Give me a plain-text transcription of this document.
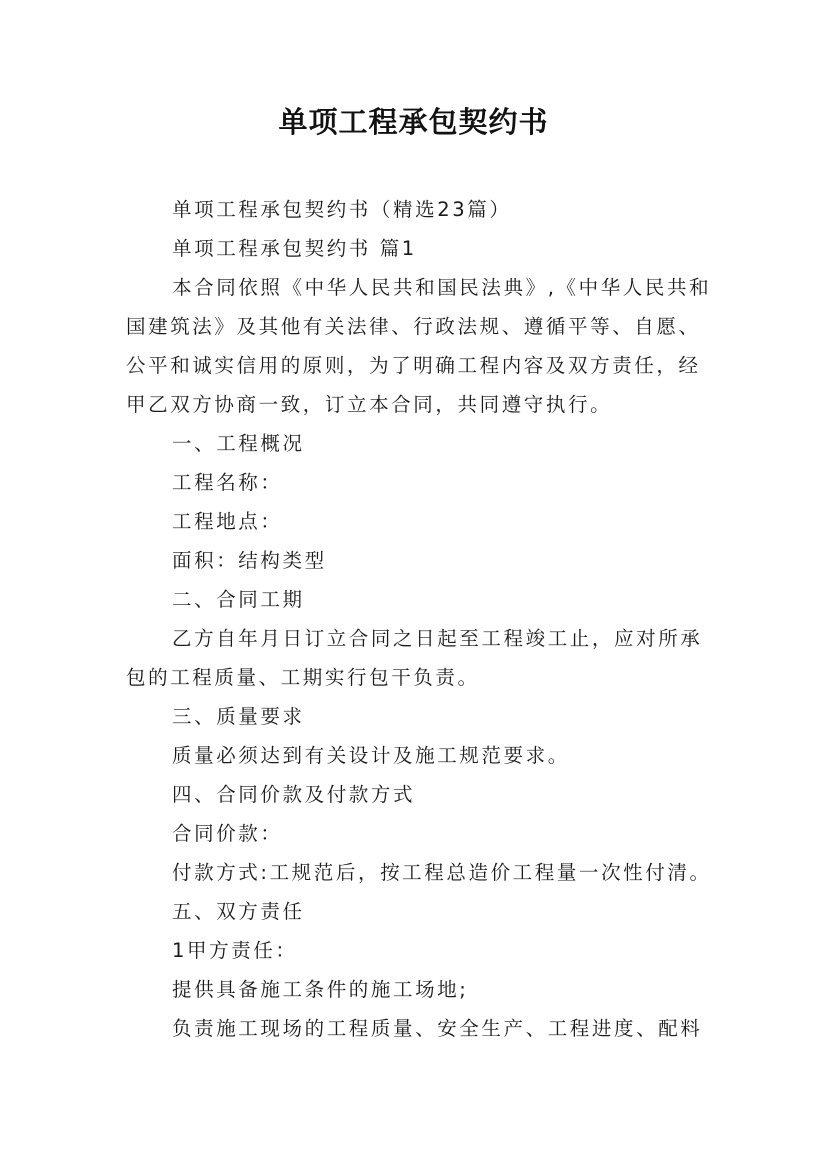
单项工程承包契约书
单项工程承包契约书（精选23篇）
单项工程承包契约书 篇1
本合同依照《中华人民共和国民法典》,《中华人民共和
国建筑法》及其他有关法律、行政法规、遵循平等、自愿、
公平和诚实信用的原则，为了明确工程内容及双方责任，经
甲乙双方协商一致，订立本合同，共同遵守执行。
一、工程概况
工程名称：
工程地点：
面积：结构类型
二、合同工期
乙方自年月日订立合同之日起至工程竣工止，应对所承
包的工程质量、工期实行包干负责。
三、质量要求
质量必须达到有关设计及施工规范要求。
四、合同价款及付款方式
合同价款：
付款方式:工规范后，按工程总造价工程量一次性付清。
五、双方责任
1甲方责任：
提供具备施工条件的施工场地;
负责施工现场的工程质量、安全生产、工程进度、配料
